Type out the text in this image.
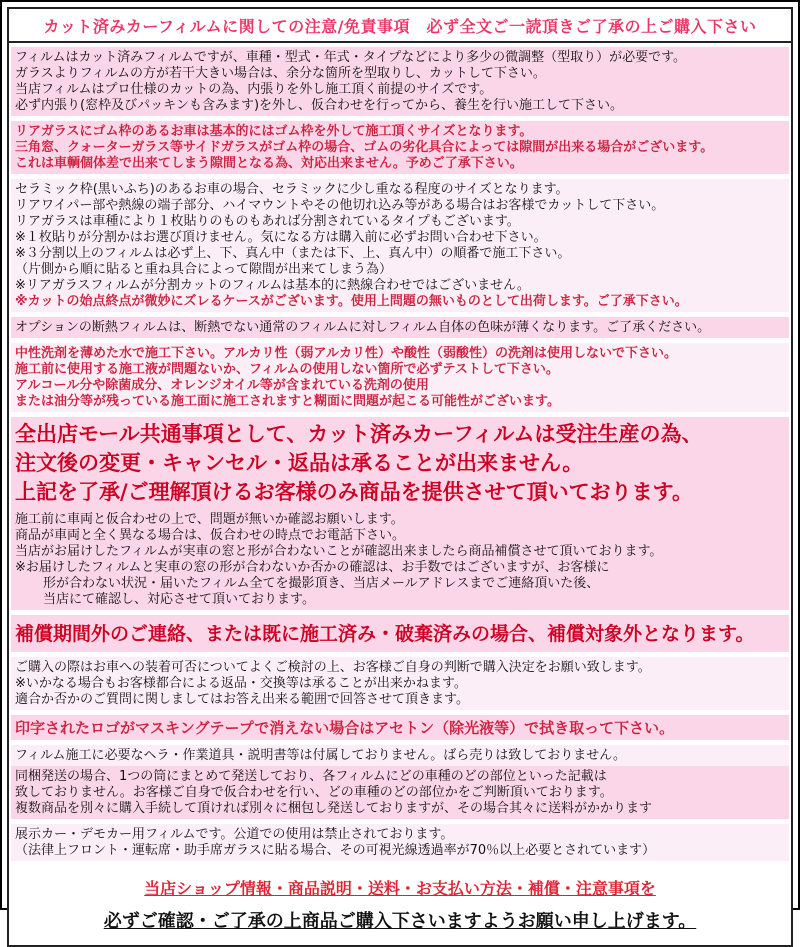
カット済みカーフィルムに関しての注意/免責事項　必ず全文ご一読頂きご了承の上ご購入下さい
フィルムはカット済みフィルムですが、車種・型式・年式・タイプなどにより多少の微調整（型取り）が必要です。
ガラスよりフィルムの方が若干大きい場合は、余分な箇所を型取りし、カットして下さい。
当店フィルムはプロ仕様のカットの為、内張りを外し施工頂く前提のサイズです。
必ず内張り(窓枠及びパッキンも含みます)を外し、仮合わせを行ってから、養生を行い施工して下さい。
リアガラスにゴム枠のあるお車は基本的にはゴム枠を外して施工頂くサイズとなります。
三角窓、クォーターガラス等サイドガラスがゴム枠の場合、ゴムの劣化具合によっては隙間が出来る場合がございます。
これは車輌個体差で出来てしまう隙間となる為、対応出来ません。予めご了承下さい。
セラミック枠(黒いふち)のあるお車の場合、セラミックに少し重なる程度のサイズとなります。
リアワイパー部や熱線の端子部分、ハイマウントやその他切れ込み等がある場合はお客様でカットして下さい。
リアガラスは車種により１枚貼りのものもあれば分割されているタイプもございます。
※１枚貼りが分割かはお選び頂けません。気になる方は購入前に必ずお問い合わせ下さい。
※３分割以上のフィルムは必ず上、下、真ん中（または下、上、真ん中）の順番で施工下さい。
（片側から順に貼ると重ね具合によって隙間が出来てしまう為）
※リアガラスフィルムが分割カットのフィルムは基本的に熱線合わせではございません。
※カットの始点終点が微妙にズレるケースがございます。使用上問題の無いものとして出荷します。ご了承下さい。
オプションの断熱フィルムは、断熱でない通常のフィルムに対しフィルム自体の色味が薄くなります。ご了承ください。
中性洗剤を薄めた水で施工下さい。アルカリ性（弱アルカリ性）や酸性（弱酸性）の洗剤は使用しないで下さい。
施工前に使用する施工液が問題ないか、フィルムの使用しない箇所で必ずテストして下さい。
アルコール分や除菌成分、オレンジオイル等が含まれている洗剤の使用
または油分等が残っている施工面に施工されますと糊面に問題が起こる可能性がございます。
全出店モール共通事項として、カット済みカーフィルムは受注生産の為、
注文後の変更・キャンセル・返品は承ることが出来ません。
上記を了承/ご理解頂けるお客様のみ商品を提供させて頂いております。
施工前に車両と仮合わせの上で、問題が無いか確認お願いします。
商品が車両と全く異なる場合は、仮合わせの時点でお電話下さい。
当店がお届けしたフィルムが実車の窓と形が合わないことが確認出来ましたら商品補償させて頂いております。
※お届けしたフィルムと実車の窓の形が合わないか否かの確認は、お手数ではございますが、お客様に
形が合わない状況・届いたフィルム全てを撮影頂き、当店メールアドレスまでご連絡頂いた後、
当店にて確認し、対応させて頂いております。
補償期間外のご連絡、または既に施工済み・破棄済みの場合、補償対象外となります。
ご購入の際はお車への装着可否についてよくご検討の上、お客様ご自身の判断で購入決定をお願い致します。
※いかなる場合もお客様都合による返品・交換等は承ることが出来かねます。
適合か否かのご質問に関しましてはお答え出来る範囲で回答させて頂きます。
印字されたロゴがマスキングテープで消えない場合はアセトン（除光液等）で拭き取って下さい。
フィルム施工に必要なヘラ・作業道具・説明書等は付属しておりません。ばら売りは致しておりません。
同梱発送の場合、1つの筒にまとめて発送しており、各フィルムにどの車種のどの部位といった記載は
致しておりません。お客様ご自身で仮合わせを行い、どの車種のどの部位かをご判断頂いております。
複数商品を別々に購入手続して頂ければ別々に梱包し発送しておりますが、その場合其々に送料がかかります
展示カー・デモカー用フィルムです。公道での使用は禁止されております。
（法律上フロント・運転席・助手席ガラスに貼る場合、その可視光線透過率が70％以上必要とされています）
当店ショップ情報・商品説明・送料・お支払い方法・補償・注意事項を
必ずご確認・ご了承の上商品ご購入下さいますようお願い申し上げます。
